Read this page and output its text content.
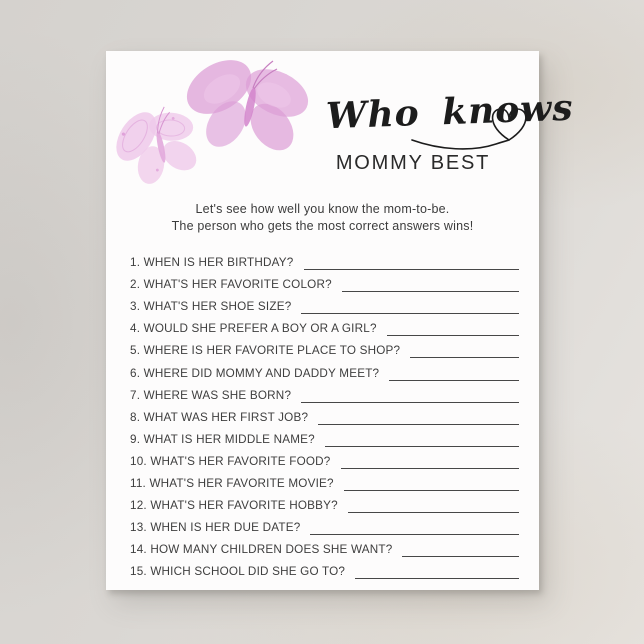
Who knows
MOMMY BEST
Let's see how well you know the mom-to-be.
The person who gets the most correct answers wins!
1. WHEN IS HER BIRTHDAY?
2. WHAT'S HER FAVORITE COLOR?
3. WHAT'S HER SHOE SIZE?
4. WOULD SHE PREFER A BOY OR A GIRL?
5. WHERE IS HER FAVORITE PLACE TO SHOP?
6. WHERE DID MOMMY AND DADDY MEET?
7. WHERE WAS SHE BORN?
8. WHAT WAS HER FIRST JOB?
9. WHAT IS HER MIDDLE NAME?
10. WHAT'S HER FAVORITE FOOD?
11. WHAT'S HER FAVORITE MOVIE?
12. WHAT'S HER FAVORITE HOBBY?
13. WHEN IS HER DUE DATE?
14. HOW MANY CHILDREN DOES SHE WANT?
15. WHICH SCHOOL DID SHE GO TO?
